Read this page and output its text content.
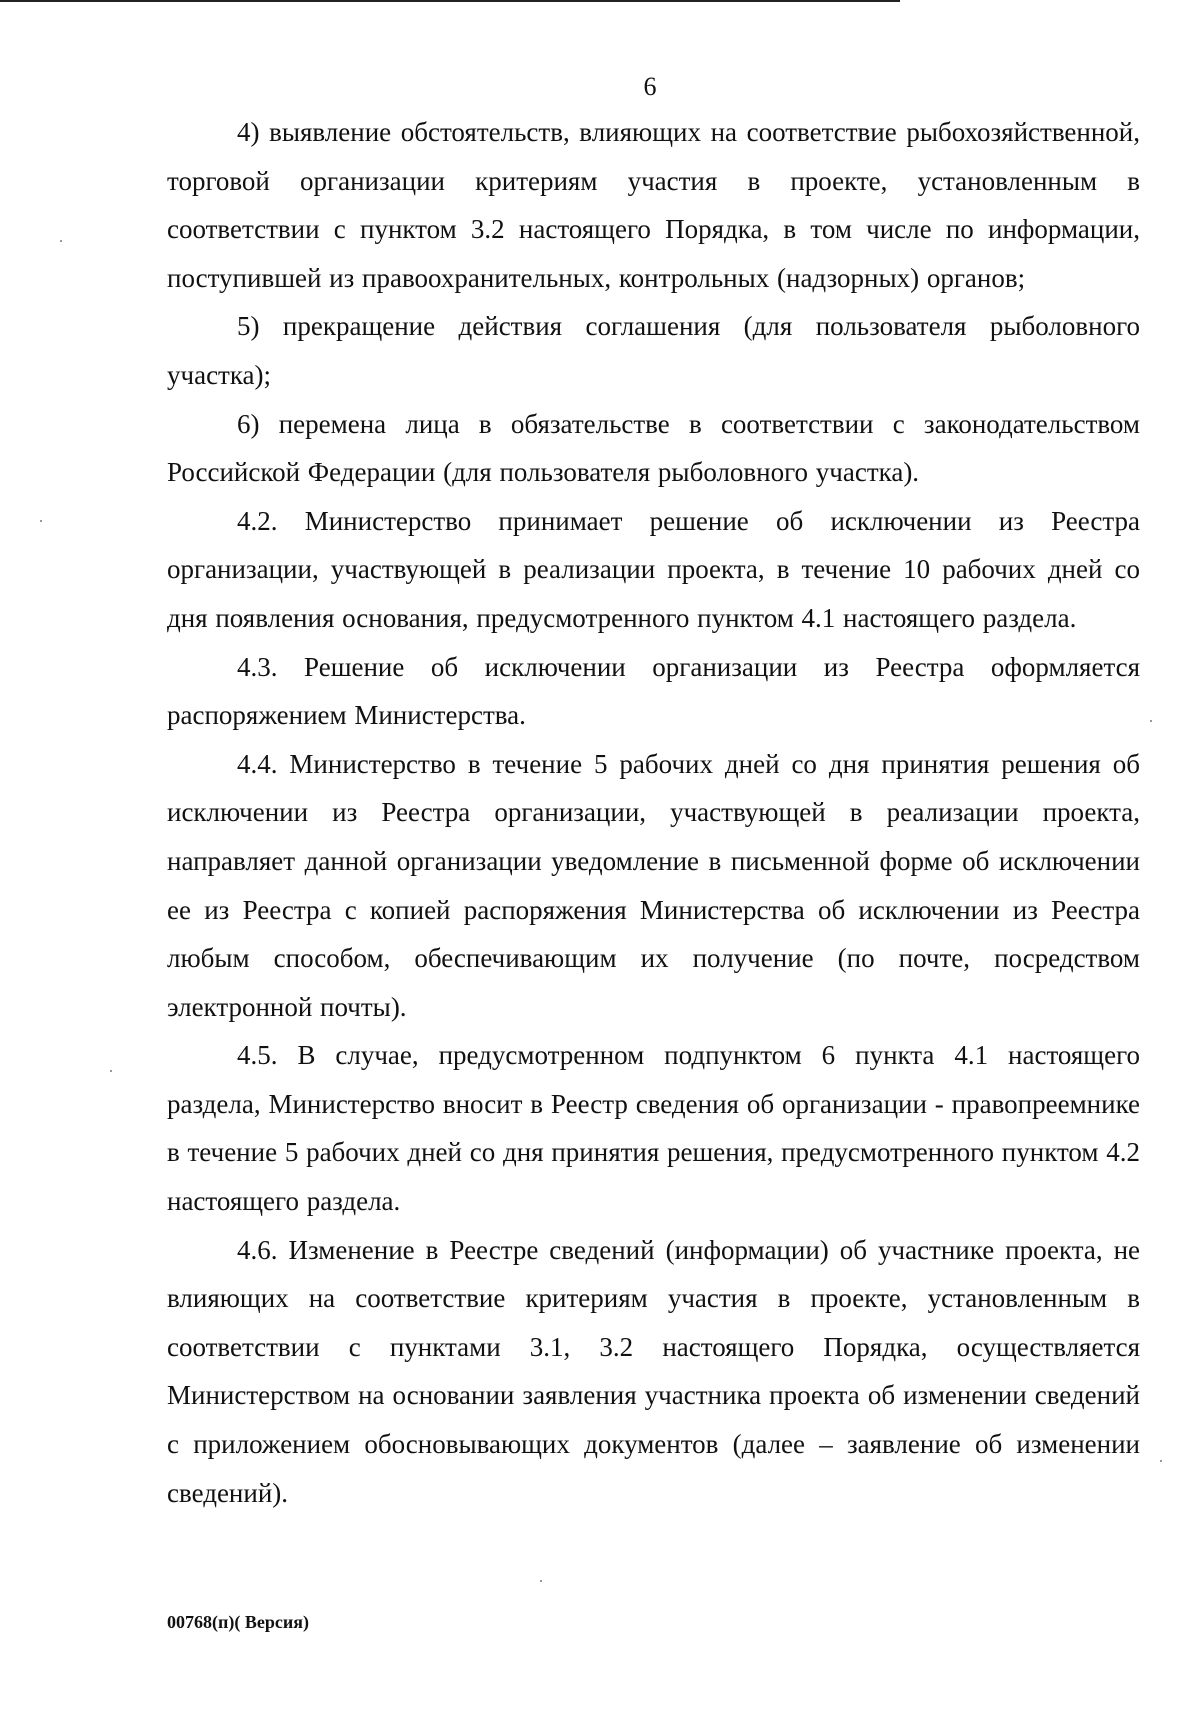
6

4) выявление обстоятельств, влияющих на соответствие рыбохозяйственной, торговой организации критериям участия в проекте, установленным в соответствии с пунктом 3.2 настоящего Порядка, в том числе по информации, поступившей из правоохранительных, контрольных (надзорных) органов;

5) прекращение действия соглашения (для пользователя рыболовного участка);

6) перемена лица в обязательстве в соответствии с законодательством Российской Федерации (для пользователя рыболовного участка).

4.2. Министерство принимает решение об исключении из Реестра организации, участвующей в реализации проекта, в течение 10 рабочих дней со дня появления основания, предусмотренного пунктом 4.1 настоящего раздела.

4.3. Решение об исключении организации из Реестра оформляется распоряжением Министерства.

4.4. Министерство в течение 5 рабочих дней со дня принятия решения об исключении из Реестра организации, участвующей в реализации проекта, направляет данной организации уведомление в письменной форме об исключении ее из Реестра с копией распоряжения Министерства об исключении из Реестра любым способом, обеспечивающим их получение (по почте, посредством электронной почты).

4.5. В случае, предусмотренном подпунктом 6 пункта 4.1 настоящего раздела, Министерство вносит в Реестр сведения об организации - правопреемнике в течение 5 рабочих дней со дня принятия решения, предусмотренного пунктом 4.2 настоящего раздела.

4.6. Изменение в Реестре сведений (информации) об участнике проекта, не влияющих на соответствие критериям участия в проекте, установленным в соответствии с пунктами 3.1, 3.2 настоящего Порядка, осуществляется Министерством на основании заявления участника проекта об изменении сведений с приложением обосновывающих документов (далее – заявление об изменении сведений).

00768(п)( Версия)
